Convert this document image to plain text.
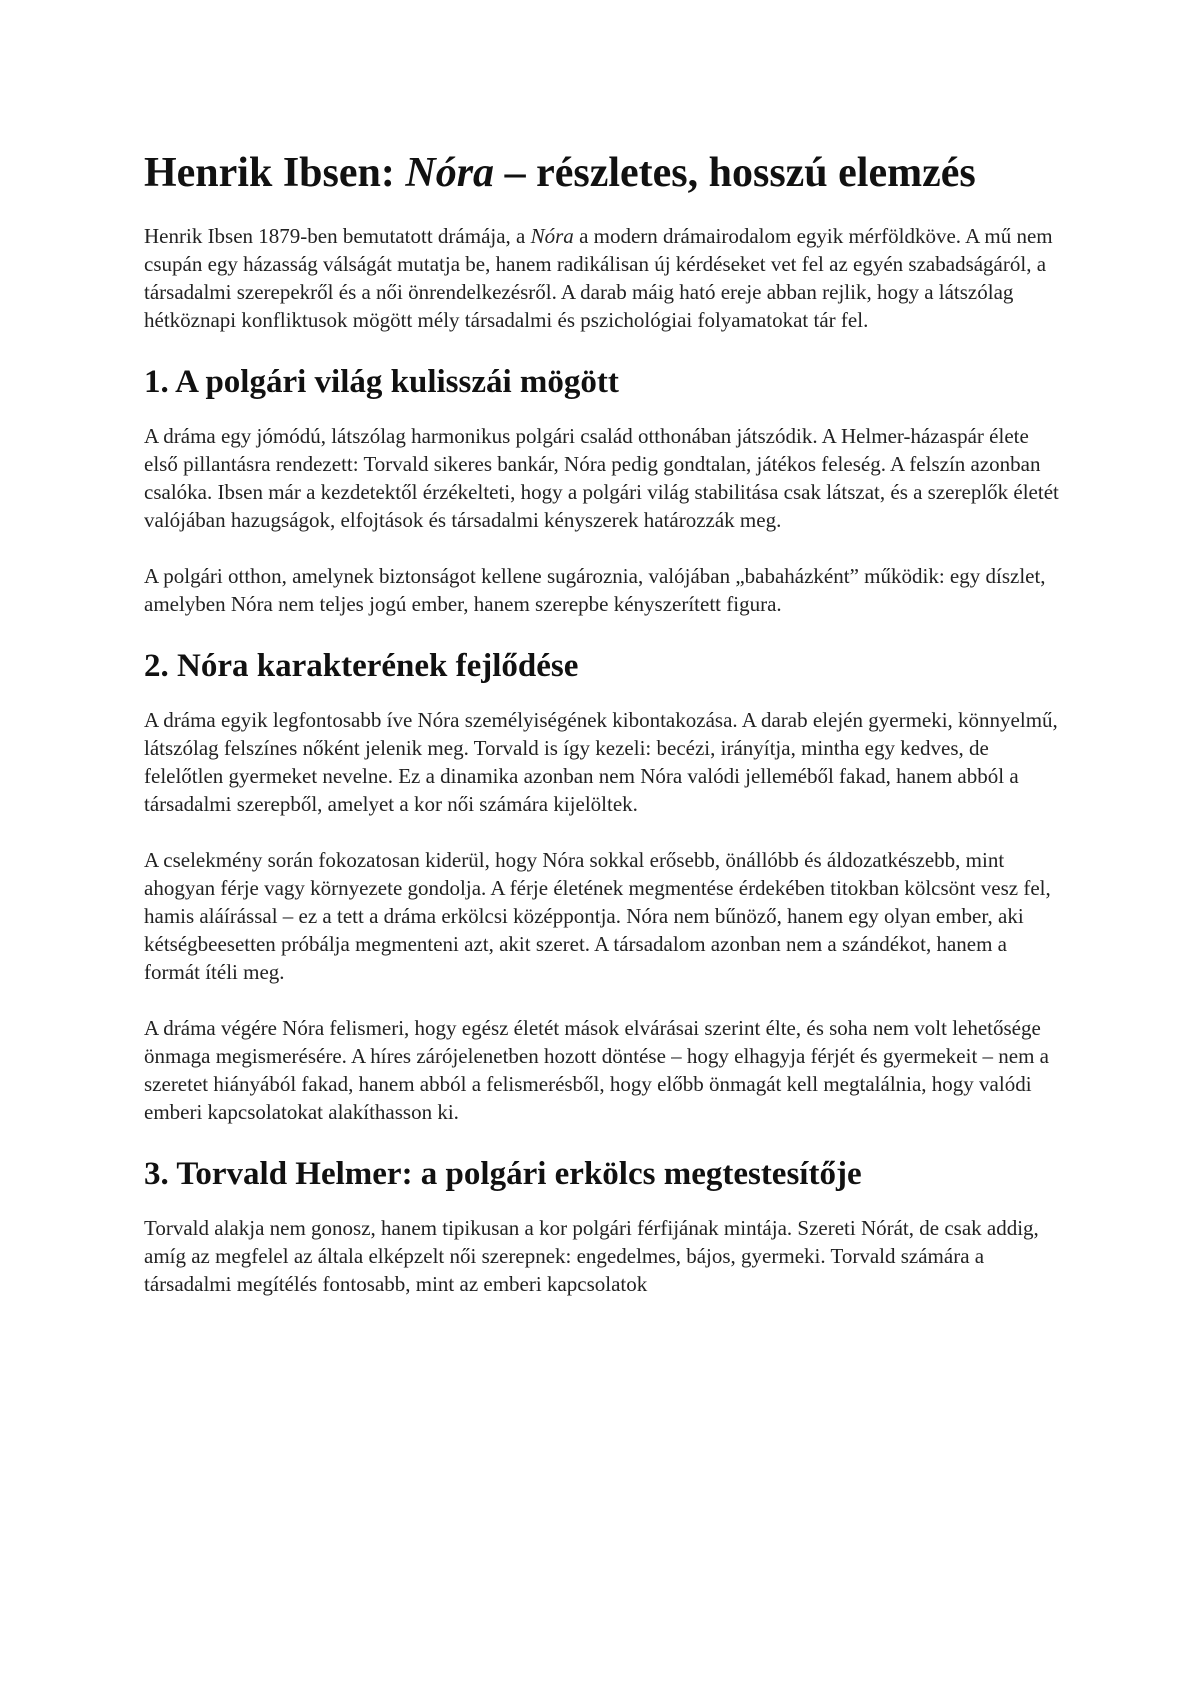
Henrik Ibsen: Nóra – részletes, hosszú elemzés

Henrik Ibsen 1879-ben bemutatott drámája, a Nóra a modern drámairodalom egyik mérföldköve. A mű nem csupán egy házasság válságát mutatja be, hanem radikálisan új kérdéseket vet fel az egyén szabadságáról, a társadalmi szerepekről és a női önrendelkezésről. A darab máig ható ereje abban rejlik, hogy a látszólag hétköznapi konfliktusok mögött mély társadalmi és pszichológiai folyamatokat tár fel.

1. A polgári világ kulisszái mögött

A dráma egy jómódú, látszólag harmonikus polgári család otthonában játszódik. A Helmer-házaspár élete első pillantásra rendezett: Torvald sikeres bankár, Nóra pedig gondtalan, játékos feleség. A felszín azonban csalóka. Ibsen már a kezdetektől érzékelteti, hogy a polgári világ stabilitása csak látszat, és a szereplők életét valójában hazugságok, elfojtások és társadalmi kényszerek határozzák meg.

A polgári otthon, amelynek biztonságot kellene sugároznia, valójában „babaházként” működik: egy díszlet, amelyben Nóra nem teljes jogú ember, hanem szerepbe kényszerített figura.

2. Nóra karakterének fejlődése

A dráma egyik legfontosabb íve Nóra személyiségének kibontakozása. A darab elején gyermeki, könnyelmű, látszólag felszínes nőként jelenik meg. Torvald is így kezeli: becézi, irányítja, mintha egy kedves, de felelőtlen gyermeket nevelne. Ez a dinamika azonban nem Nóra valódi jelleméből fakad, hanem abból a társadalmi szerepből, amelyet a kor női számára kijelöltek.

A cselekmény során fokozatosan kiderül, hogy Nóra sokkal erősebb, önállóbb és áldozatkészebb, mint ahogyan férje vagy környezete gondolja. A férje életének megmentése érdekében titokban kölcsönt vesz fel, hamis aláírással – ez a tett a dráma erkölcsi középpontja. Nóra nem bűnöző, hanem egy olyan ember, aki kétségbeesetten próbálja megmenteni azt, akit szeret. A társadalom azonban nem a szándékot, hanem a formát ítéli meg.

A dráma végére Nóra felismeri, hogy egész életét mások elvárásai szerint élte, és soha nem volt lehetősége önmaga megismerésére. A híres zárójelenetben hozott döntése – hogy elhagyja férjét és gyermekeit – nem a szeretet hiányából fakad, hanem abból a felismerésből, hogy előbb önmagát kell megtalálnia, hogy valódi emberi kapcsolatokat alakíthasson ki.

3. Torvald Helmer: a polgári erkölcs megtestesítője

Torvald alakja nem gonosz, hanem tipikusan a kor polgári férfijának mintája. Szereti Nórát, de csak addig, amíg az megfelel az általa elképzelt női szerepnek: engedelmes, bájos, gyermeki. Torvald számára a társadalmi megítélés fontosabb, mint az emberi kapcsolatok
